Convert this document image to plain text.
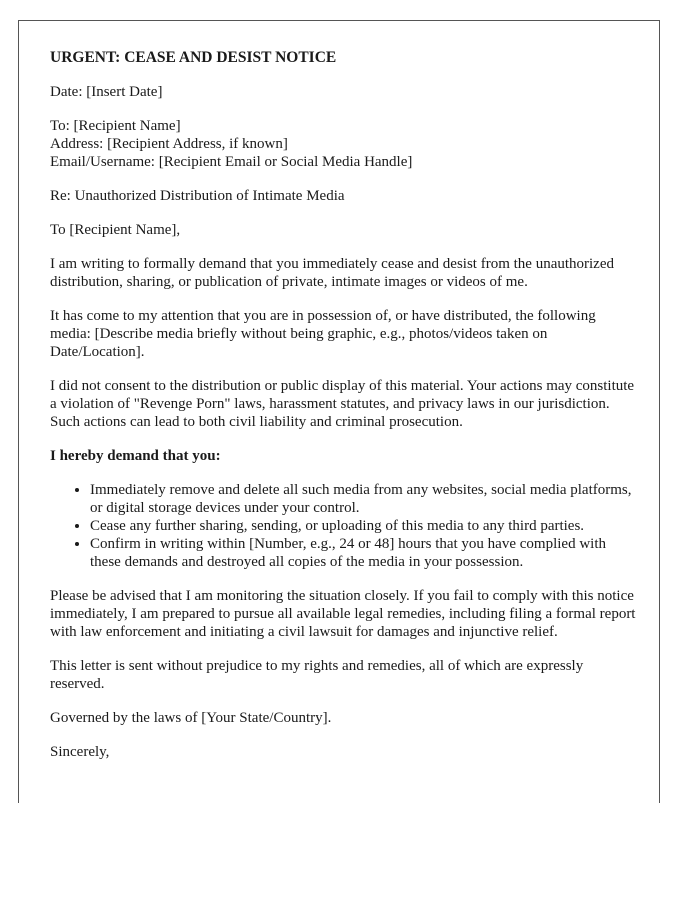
URGENT: CEASE AND DESIST NOTICE

Date: [Insert Date]

To: [Recipient Name]
Address: [Recipient Address, if known]
Email/Username: [Recipient Email or Social Media Handle]

Re: Unauthorized Distribution of Intimate Media

To [Recipient Name],

I am writing to formally demand that you immediately cease and desist from the unauthorized distribution, sharing, or publication of private, intimate images or videos of me.

It has come to my attention that you are in possession of, or have distributed, the following media: [Describe media briefly without being graphic, e.g., photos/videos taken on Date/Location].

I did not consent to the distribution or public display of this material. Your actions may constitute a violation of "Revenge Porn" laws, harassment statutes, and privacy laws in our jurisdiction. Such actions can lead to both civil liability and criminal prosecution.

I hereby demand that you:

• Immediately remove and delete all such media from any websites, social media platforms, or digital storage devices under your control.
• Cease any further sharing, sending, or uploading of this media to any third parties.
• Confirm in writing within [Number, e.g., 24 or 48] hours that you have complied with these demands and destroyed all copies of the media in your possession.

Please be advised that I am monitoring the situation closely. If you fail to comply with this notice immediately, I am prepared to pursue all available legal remedies, including filing a formal report with law enforcement and initiating a civil lawsuit for damages and injunctive relief.

This letter is sent without prejudice to my rights and remedies, all of which are expressly reserved.

Governed by the laws of [Your State/Country].

Sincerely,
